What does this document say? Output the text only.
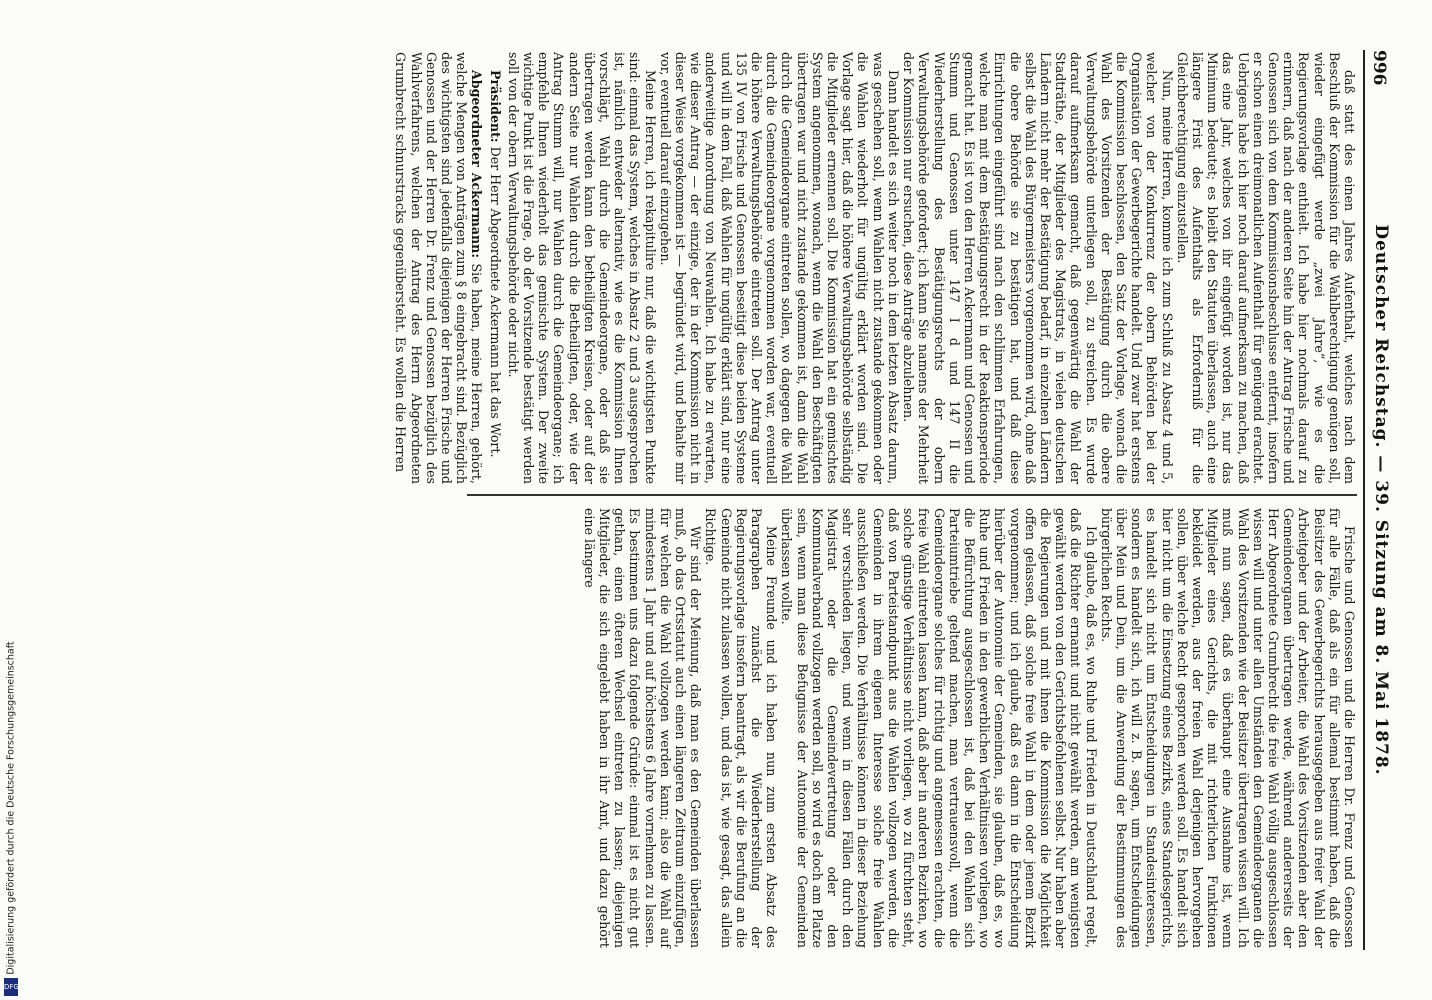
996
Deutscher Reichstag. — 39. Sitzung am 8. Mai 1878.

daß statt des einen Jahres Aufenthalt, welches nach dem Beschluß der Kommission für die Wahlberechtigung genügen soll, wieder eingefügt werde „zwei Jahre“, wie es die Regierungsvorlage enthielt. Ich habe hier nochmals darauf zu erinnern, daß nach der anderen Seite hin der Antrag Frische und Genossen sich von dem Kommissionsbeschlusse entfernt, insofern er schon einen dreimonatlichen Aufenthalt für genügend erachtet. Uebrigens habe ich hier noch darauf aufmerksam zu machen, daß das eine Jahr, welches von ihr eingefügt worden ist, nur das Minimum bedeutet; es bleibt den Statuten überlassen, auch eine längere Frist des Aufenthalts als Erforderniß für die Gleichberechtigung einzustellen.

Nun, meine Herren, komme ich zum Schluß zu Absatz 4 und 5, welcher von der Konkurrenz der obern Behörden bei der Organisation der Gewerbegerichte handelt. Und zwar hat erstens die Kommission beschlossen, den Satz der Vorlage, wonach die Wahl des Vorsitzenden der Bestätigung durch die obere Verwaltungsbehörde unterliegen soll, zu streichen. Es wurde darauf aufmerksam gemacht, daß gegenwärtig die Wahl der Stadträthe, der Mitglieder des Magistrats, in vielen deutschen Ländern nicht mehr der Bestätigung bedarf, in einzelnen Ländern selbst die Wahl des Bürgermeisters vorgenommen wird, ohne daß die obere Behörde sie zu bestätigen hat, und daß diese Einrichtungen eingeführt sind nach den schlimmen Erfahrungen, welche man mit dem Bestätigungsrecht in der Reaktionsperiode gemacht hat. Es ist von den Herren Ackermann und Genossen und Stumm und Genossen unter 147 I d und 147 II die Wiederherstellung des Bestätigungsrechts der obern Verwaltungsbehörde gefordert; ich kann Sie namens der Mehrheit der Kommission nur ersuchen, diese Anträge abzulehnen.

Dann handelt es sich weiter noch in dem letzten Absatz darum, was geschehen soll, wenn Wahlen nicht zustande gekommen oder die Wahlen wiederholt für ungültig erklärt worden sind. Die Vorlage sagt hier, daß die höhere Verwaltungsbehörde selbständig die Mitglieder ernennen soll. Die Kommission hat ein gemischtes System angenommen, wonach, wenn die Wahl den Beschäftigten übertragen war und nicht zustande gekommen ist, dann die Wahl durch die Gemeindeorgane eintreten sollen, wo dagegen die Wahl durch die Gemeindeorgane vorgenommen worden war, eventuell die höhere Verwaltungsbehörde eintreten soll. Der Antrag unter 135 IV von Frische und Genossen beseitigt diese beiden Systeme und will in dem Fall, daß Wahlen für ungültig erklärt sind, nur eine anderweitige Anordnung von Neuwahlen. Ich habe zu erwarten, wie dieser Antrag — der einzige, der in der Kommission nicht in dieser Weise vorgekommen ist — begründet wird, und behalte mir vor, eventuell darauf einzugehen.

Meine Herren, ich rekapitulire nur, daß die wichtigsten Punkte sind: einmal das System, welches in Absatz 2 und 3 ausgesprochen ist, nämlich entweder alternativ, wie es die Kommission Ihnen vorschlägt, Wahl durch die Gemeindeorgane, oder daß sie übertragen werden kann den betheiligten Kreisen, oder auf der andern Seite nur Wahlen durch die Betheiligten, oder, wie der Antrag Stumm will, nur Wahlen durch die Gemeindeorgane; ich empfehle Ihnen wiederholt das gemischte System. Der zweite wichtige Punkt ist die Frage, ob der Vorsitzende bestätigt werden soll von der obern Verwaltungsbehörde oder nicht.

Präsident: Der Herr Abgeordnete Ackermann hat das Wort.

Abgeordneter Ackermann: Sie haben, meine Herren, gehört, welche Mengen von Anträgen zum § 8 eingebracht sind. Bezüglich des wichtigsten sind jedenfalls diejenigen der Herren Frische und Genossen und der Herren Dr. Frenz und Genossen bezüglich des Wahlverfahrens, welchen der Antrag des Herrn Abgeordneten Grumbrecht schnurstracks gegenübersteht. Es wollen die Herren

Frische und Genossen und die Herren Dr. Frenz und Genossen für alle Fälle, daß als ein für allemal bestimmt haben, daß die Beisitzer des Gewerbegerichts herausgegeben aus freier Wahl der Arbeitgeber und der Arbeiter, die Wahl des Vorsitzenden aber den Gemeindeorganen übertragen werde, während andererseits der Herr Abgeordnete Grumbrecht die freie Wahl völlig ausgeschlossen wissen will und unter allen Umständen den Gemeindeorganen die Wahl des Vorsitzenden wie der Beisitzer übertragen wissen will. Ich muß nun sagen, daß es überhaupt eine Ausnahme ist, wenn Mitglieder eines Gerichts, die mit richterlichen Funktionen bekleidet werden, aus der freien Wahl derjenigen hervorgehen sollen, über welche Recht gesprochen werden soll. Es handelt sich hier nicht um die Einsetzung eines Bezirks, eines Standesgerichts, es handelt sich nicht um Entscheidungen in Standesinteressen, sondern es handelt sich, ich will z. B. sagen, um Entscheidungen über Mein und Dein, um die Anwendung der Bestimmungen des bürgerlichen Rechts.

Ich glaube, daß es, wo Ruhe und Frieden in Deutschland regelt, daß die Richter ernannt und nicht gewählt werden, am wenigsten gewählt werden von den Gerichtsbefohlenen selbst. Nur haben aber die Regierungen und mit ihnen die Kommission die Möglichkeit offen gelassen, daß solche freie Wahl in dem oder jenem Bezirk vorgenommen; und ich glaube, daß es dann in die Entscheidung hierüber der Autonomie der Gemeinden, sie glauben, daß es, wo Ruhe und Frieden in den gewerblichen Verhältnissen vorliegen, wo die Befürchtung ausgeschlossen ist, daß bei den Wahlen sich Parteiumtriebe geltend machen, man vertrauensvoll, wenn die Gemeindeorgane solches für richtig und angemessen erachten, die freie Wahl eintreten lassen kann, daß aber in anderen Bezirken, wo solche günstige Verhältnisse nicht vorliegen, wo zu fürchten steht, daß von Parteistandpunkt aus die Wahlen vollzogen werden, die Gemeinden in ihrem eigenen Interesse solche freie Wahlen ausschließen werden. Die Verhältnisse können in dieser Beziehung sehr verschieden liegen, und wenn in diesen Fällen durch den Magistrat oder die Gemeindevertretung oder den Kommunalverband vollzogen werden soll, so wird es doch am Platze sein, wenn man diese Befugnisse der Autonomie der Gemeinden überlassen wollte.

Meine Freunde und ich haben nun zum ersten Absatz des Paragraphen zunächst die Wiederherstellung der Regierungsvorlage insofern beantragt, als wir die Berufung an die Gemeinde nicht zulassen wollen, und das ist, wie gesagt, das allein Richtige.

Wir sind der Meinung, daß man es den Gemeinden überlassen muß, ob das Ortsstatut auch einen längeren Zeitraum einzufügen, für welchen die Wahl vollzogen werden kann; also die Wahl auf mindestens 1 Jahr und auf höchstens 6 Jahre vornehmen zu lassen. Es bestimmen uns dazu folgende Gründe: einmal ist es nicht gut gethan, einen öfteren Wechsel eintreten zu lassen; diejenigen Mitglieder, die sich eingelebt haben in ihr Amt, und dazu gehört eine längere

Digitalisierung gefördert durch die Deutsche Forschungsgemeinschaft
DFG
